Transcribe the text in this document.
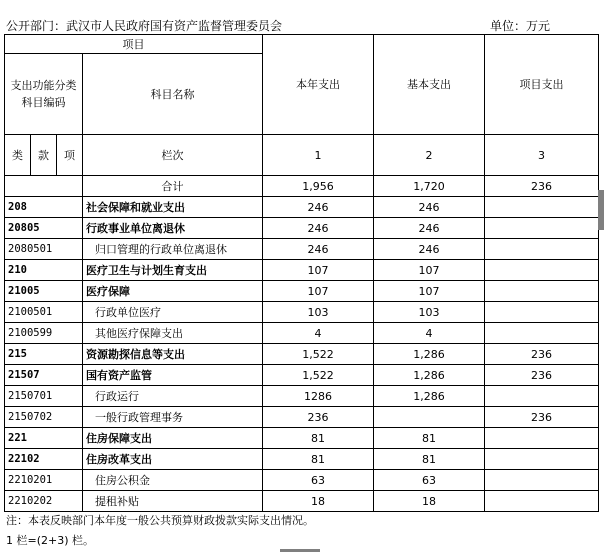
公开部门：武汉市人民政府国有资产监督管理委员会	单位：万元
项目				本年支出	基本支出	项目支出
支出功能分类科目编码			科目名称			
类	款	项				
			栏次	1	2	3
			合计	1,956	1,720	236
208			社会保障和就业支出	246	246	
20805			行政事业单位离退休	246	246	
2080501			归口管理的行政单位离退休	246	246	
210			医疗卫生与计划生育支出	107	107	
21005			医疗保障	107	107	
2100501			行政单位医疗	103	103	
2100599			其他医疗保障支出	4	4	
215			资源勘探信息等支出	1,522	1,286	236
21507			国有资产监管	1,522	1,286	236
2150701			行政运行	1286	1,286	
2150702			一般行政管理事务	236		236
221			住房保障支出	81	81	
22102			住房改革支出	81	81	
2210201			住房公积金	63	63	
2210202			提租补贴	18	18	
注：本表反映部门本年度一般公共预算财政拨款实际支出情况。
1 栏=(2+3) 栏。
